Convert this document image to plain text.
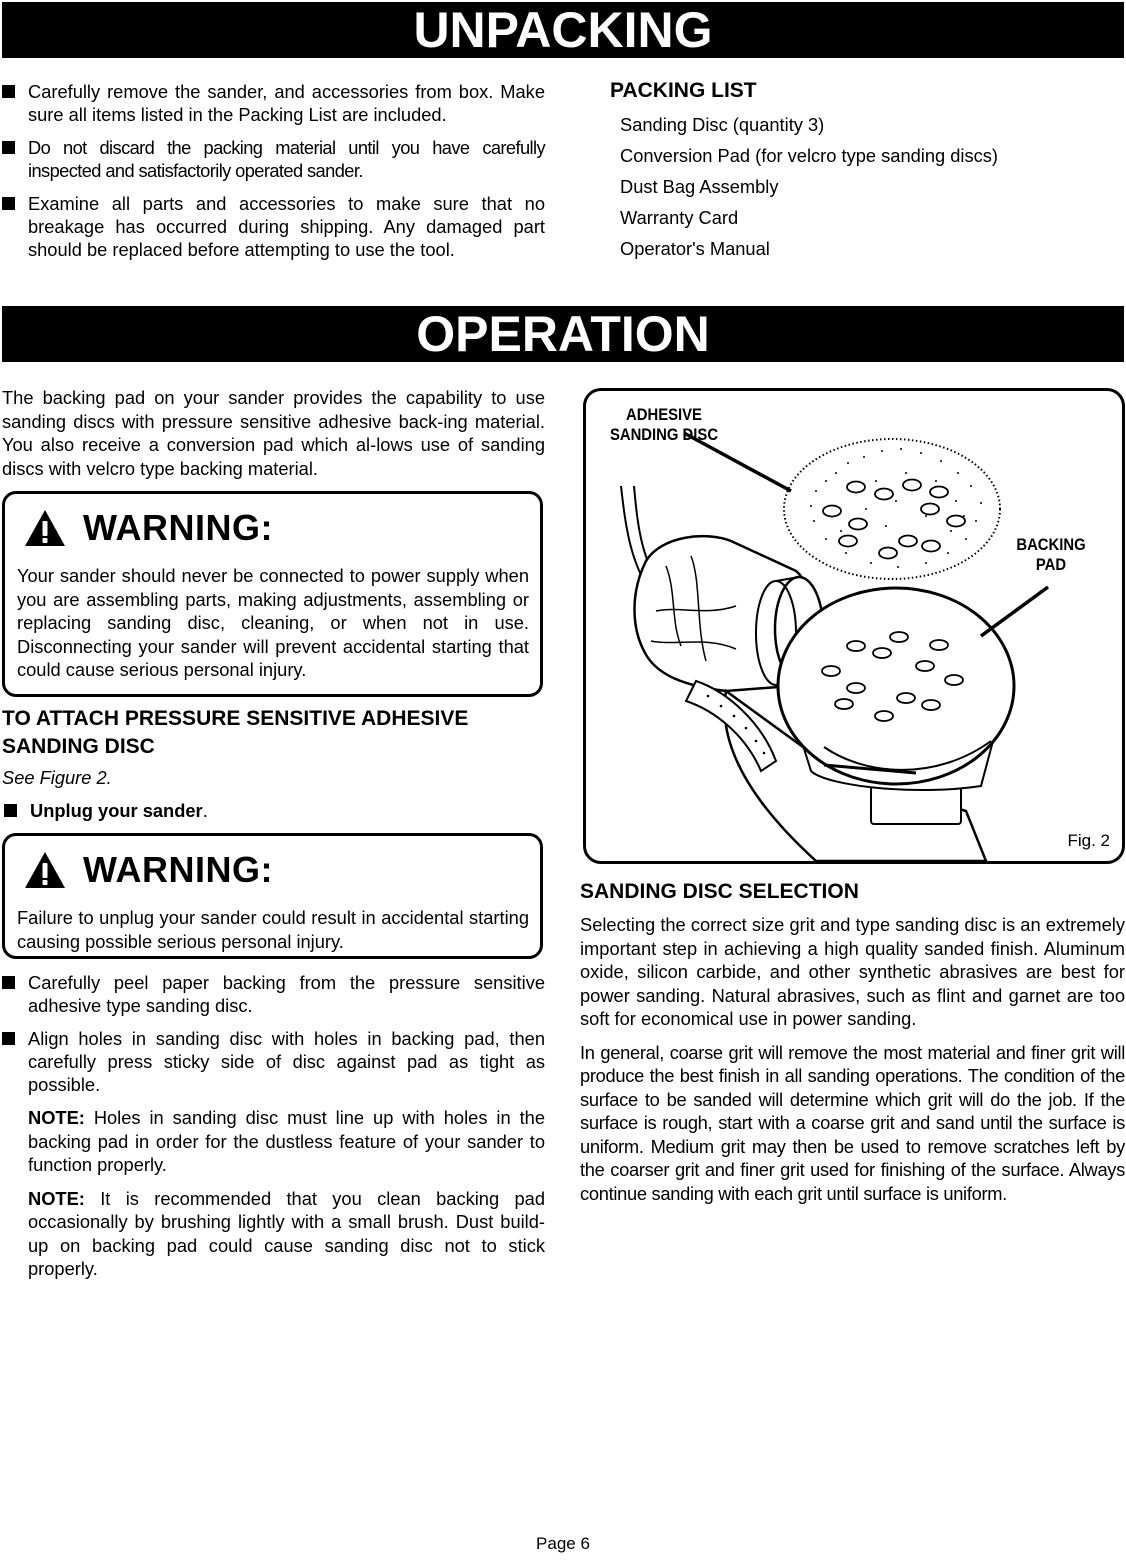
UNPACKING
Carefully remove the sander, and accessories from box. Make sure all items listed in the Packing List are included.
Do not discard the packing material until you have carefully inspected and satisfactorily operated sander.
Examine all parts and accessories to make sure that no breakage has occurred during shipping. Any damaged part should be replaced before attempting to use the tool.
PACKING LIST
Sanding Disc (quantity 3)
Conversion Pad (for velcro type sanding discs)
Dust Bag Assembly
Warranty Card
Operator's Manual
OPERATION

The backing pad on your sander provides the capability to use sanding discs with pressure sensitive adhesive back-ing material. You also receive a conversion pad which al-lows use of sanding discs with velcro type backing material.

WARNING:

Your sander should never be connected to power supply when you are assembling parts, making adjustments, assembling or replacing sanding disc, cleaning, or when not in use. Disconnecting your sander will prevent accidental starting that could cause serious personal injury.

TO ATTACH PRESSURE SENSITIVE ADHESIVE SANDING DISC
See Figure 2.
Unplug your sander.
WARNING:

Failure to unplug your sander could result in accidental starting causing possible serious personal injury.

Carefully peel paper backing from the pressure sensitive adhesive type sanding disc.
Align holes in sanding disc with holes in backing pad, then carefully press sticky side of disc against pad as tight as possible.
NOTE: Holes in sanding disc must line up with holes in the backing pad in order for the dustless feature of your sander to function properly.
NOTE: It is recommended that you clean backing pad occasionally by brushing lightly with a small brush. Dust build-up on backing pad could cause sanding disc not to stick properly.
ADHESIVE
SANDING DISC
BACKING
PAD
Fig. 2
SANDING DISC SELECTION

Selecting the correct size grit and type sanding disc is an extremely important step in achieving a high quality sanded finish. Aluminum oxide, silicon carbide, and other synthetic abrasives are best for power sanding. Natural abrasives, such as flint and garnet are too soft for economical use in power sanding.

In general, coarse grit will remove the most material and finer grit will produce the best finish in all sanding operations. The condition of the surface to be sanded will determine which grit will do the job. If the surface is rough, start with a coarse grit and sand until the surface is uniform. Medium grit may then be used to remove scratches left by the coarser grit and finer grit used for finishing of the surface. Always continue sanding with each grit until surface is uniform.

Page 6
